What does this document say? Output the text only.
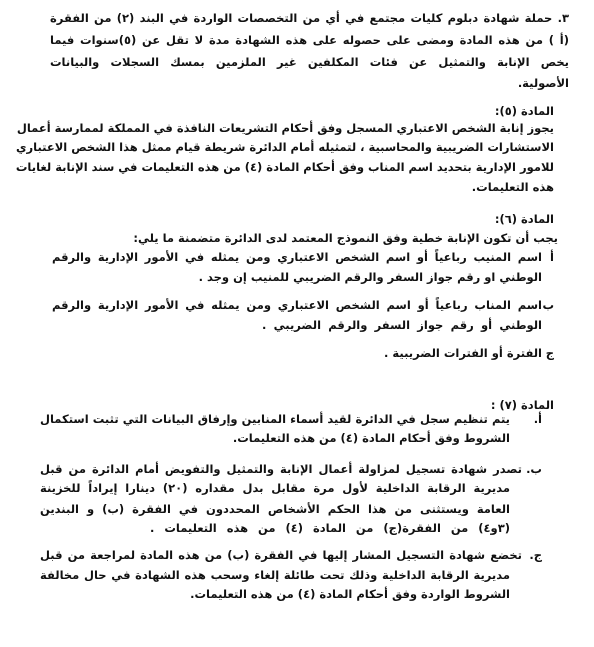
٣. حملة شهادة دبلوم كليات مجتمع في أي من التخصصات الواردة في البند (٢) من الفقرة
(أ ) من هذه المادة ومضى على حصوله على هذه الشهادة مدة لا تقل عن (٥)سنوات فيما
يخص الإنابة والتمثيل عن فئات المكلفين غير الملزمين بمسك السجلات والبيانات
الأصولية.
المادة (٥):
يجوز إنابة الشخص الاعتباري المسجل وفق أحكام التشريعات النافذة في المملكة لممارسة أعمال
الاستشارات الضريبية والمحاسبية ، لتمثيله أمام الدائرة شريطة قيام ممثل هذا الشخص الاعتباري
للامور الإدارية بتحديد اسم المناب وفق أحكام المادة (٤) من هذه التعليمات في سند الإنابة لغايات
هذه التعليمات.
المادة (٦):
يجب أن تكون الإنابة خطية وفق النموذج المعتمد لدى الدائرة متضمنة ما يلي:
أ
اسم المنيب رباعياً أو اسم الشخص الاعتباري ومن يمثله في الأمور الإدارية والرقم
الوطني او رقم جواز السفر والرقم الضريبي للمنيب إن وجد .
ب
اسم المناب رباعياً أو اسم الشخص الاعتباري ومن يمثله في الأمور الإدارية والرقم
الوطني أو رقم جواز السفر والرقم الضريبي .
ج
الفترة أو الفترات الضريبية .
المادة (٧) :
أ.
يتم تنظيم سجل في الدائرة لقيد أسماء المنابين وإرفاق البيانات التي تثبت استكمال
الشروط وفق أحكام المادة (٤) من هذه التعليمات.
ب.
تصدر شهادة تسجيل لمزاولة أعمال الإنابة والتمثيل والتفويض أمام الدائرة من قبل
مديرية الرقابة الداخلية لأول مرة مقابل بدل مقداره (٢٠) دينارا إيراداً للخزينة
العامة ويستثنى من هذا الحكم الأشخاص المحددون في الفقرة (ب) و البندين
(٣و٤) من الفقرة(ج) من المادة (٤) من هذه التعليمات .
ج.
تخضع شهادة التسجيل المشار إليها في الفقرة (ب) من هذه المادة لمراجعة من قبل
مديرية الرقابة الداخلية وذلك تحت طائلة إلغاء وسحب هذه الشهادة في حال مخالفة
الشروط الواردة وفق أحكام المادة (٤) من هذه التعليمات.
